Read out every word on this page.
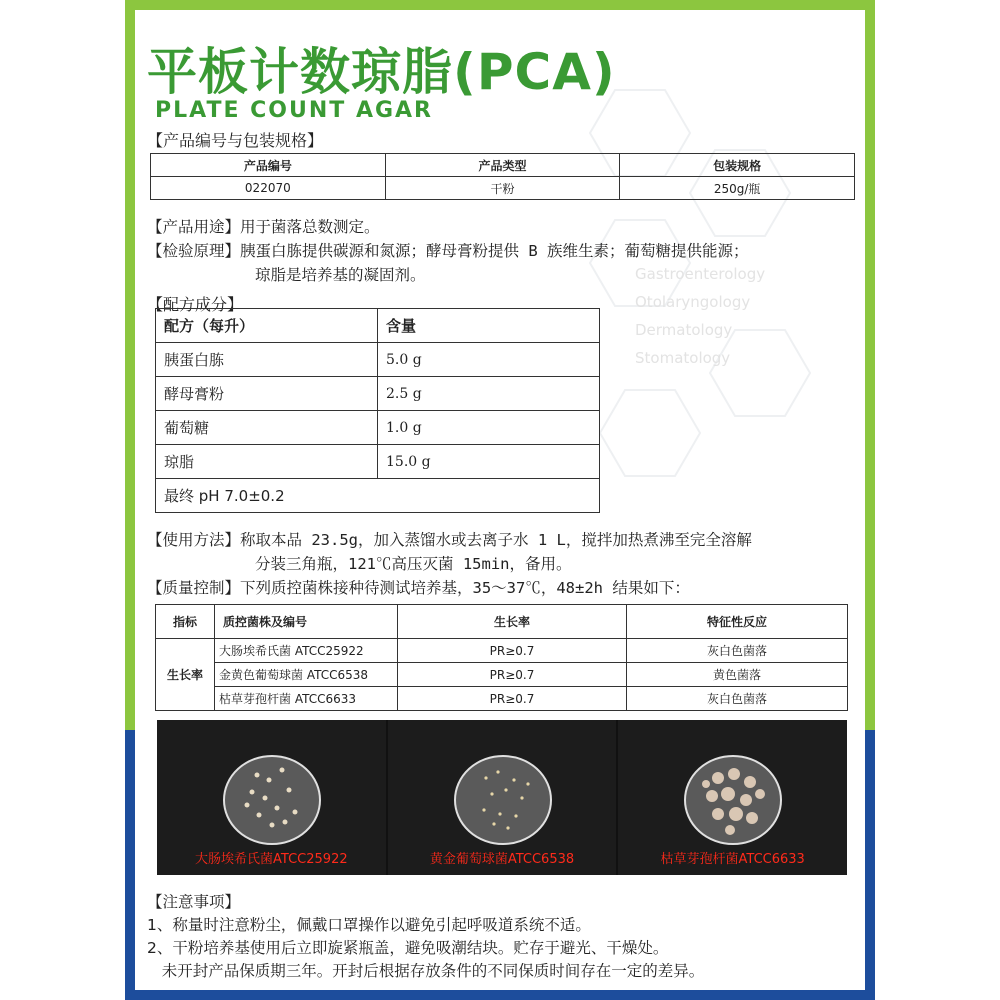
Gastroenterology
Otolaryngology
Dermatology
Stomatology
平板计数琼脂(PCA)
PLATE COUNT AGAR
【产品编号与包装规格】
产品编号	产品类型	包装规格
022070	干粉	250g/瓶
【产品用途】用于菌落总数测定。
【检验原理】胰蛋白胨提供碳源和氮源；酵母膏粉提供 B 族维生素；葡萄糖提供能源；
琼脂是培养基的凝固剂。
【配方成分】
配方（每升）	含量
胰蛋白胨	5.0 g
酵母膏粉	2.5 g
葡萄糖	1.0 g
琼脂	15.0 g
最终 pH 7.0±0.2	
【使用方法】称取本品 23.5g，加入蒸馏水或去离子水 1 L，搅拌加热煮沸至完全溶解
分装三角瓶，121℃高压灭菌 15min，备用。
【质量控制】下列质控菌株接种待测试培养基，35～37℃，48±2h 结果如下：
指标	质控菌株及编号	生长率	特征性反应
生长率	大肠埃希氏菌 ATCC25922	PR≥0.7	灰白色菌落
	金黄色葡萄球菌 ATCC6538	PR≥0.7	黄色菌落
	枯草芽孢杆菌 ATCC6633	PR≥0.7	灰白色菌落
大肠埃希氏菌ATCC25922	黄金葡萄球菌ATCC6538	枯草芽孢杆菌ATCC6633
【注意事项】
1、称量时注意粉尘，佩戴口罩操作以避免引起呼吸道系统不适。
2、干粉培养基使用后立即旋紧瓶盖，避免吸潮结块。贮存于避光、干燥处。
未开封产品保质期三年。开封后根据存放条件的不同保质时间存在一定的差异。
